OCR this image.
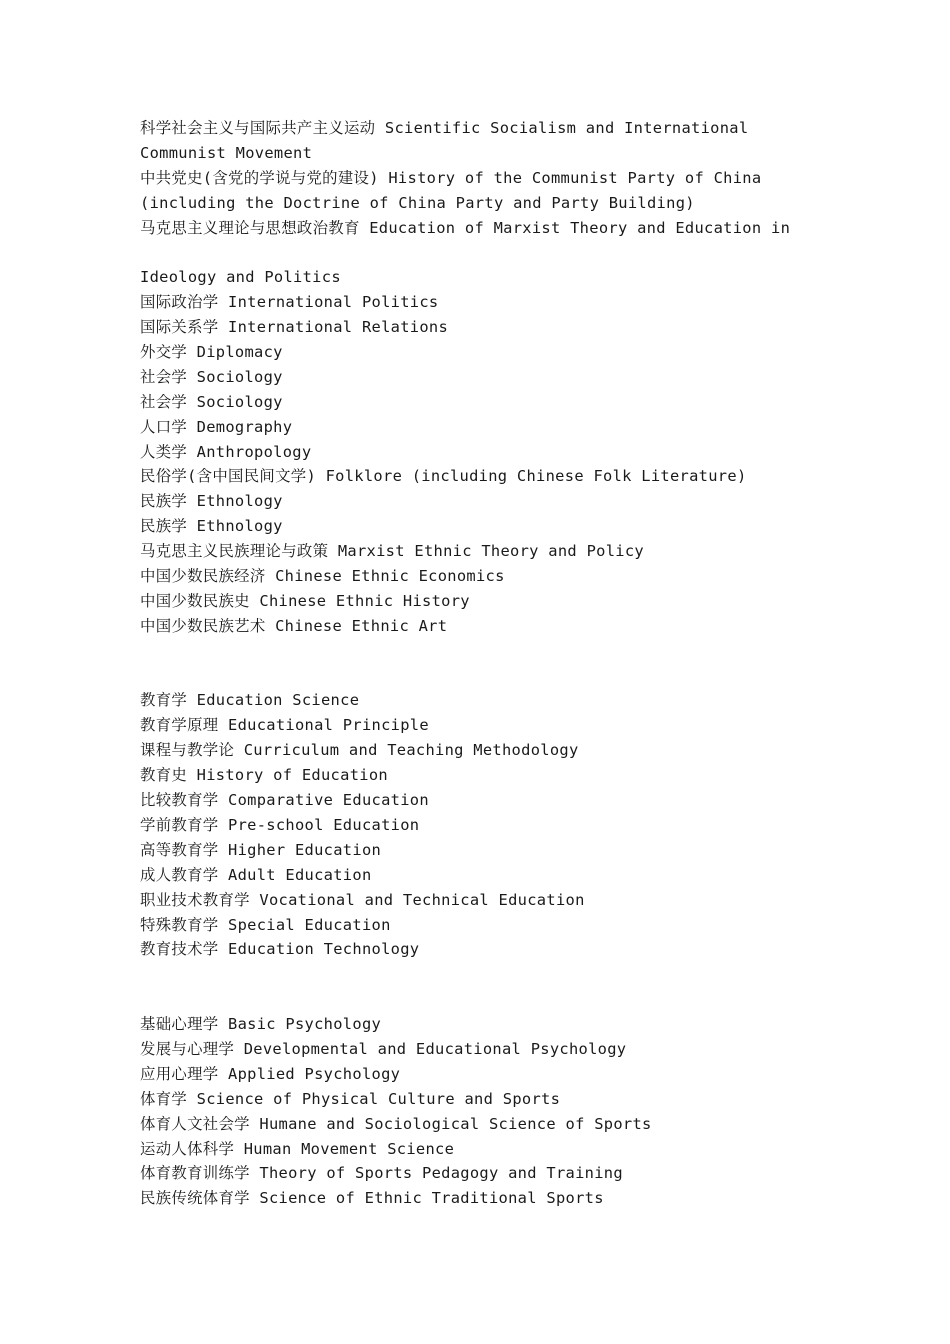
科学社会主义与国际共产主义运动 Scientific Socialism and International
Communist Movement
中共党史(含党的学说与党的建设) History of the Communist Party of China
(including the Doctrine of China Party and Party Building)
马克思主义理论与思想政治教育 Education of Marxist Theory and Education in
Ideology and Politics
国际政治学 International Politics
国际关系学 International Relations
外交学 Diplomacy
社会学 Sociology
社会学 Sociology
人口学 Demography
人类学 Anthropology
民俗学(含中国民间文学) Folklore (including Chinese Folk Literature)
民族学 Ethnology
民族学 Ethnology
马克思主义民族理论与政策 Marxist Ethnic Theory and Policy
中国少数民族经济 Chinese Ethnic Economics
中国少数民族史 Chinese Ethnic History
中国少数民族艺术 Chinese Ethnic Art
教育学 Education Science
教育学原理 Educational Principle
课程与教学论 Curriculum and Teaching Methodology
教育史 History of Education
比较教育学 Comparative Education
学前教育学 Pre-school Education
高等教育学 Higher Education
成人教育学 Adult Education
职业技术教育学 Vocational and Technical Education
特殊教育学 Special Education
教育技术学 Education Technology
基础心理学 Basic Psychology
发展与心理学 Developmental and Educational Psychology
应用心理学 Applied Psychology
体育学 Science of Physical Culture and Sports
体育人文社会学 Humane and Sociological Science of Sports
运动人体科学 Human Movement Science
体育教育训练学 Theory of Sports Pedagogy and Training
民族传统体育学 Science of Ethnic Traditional Sports
